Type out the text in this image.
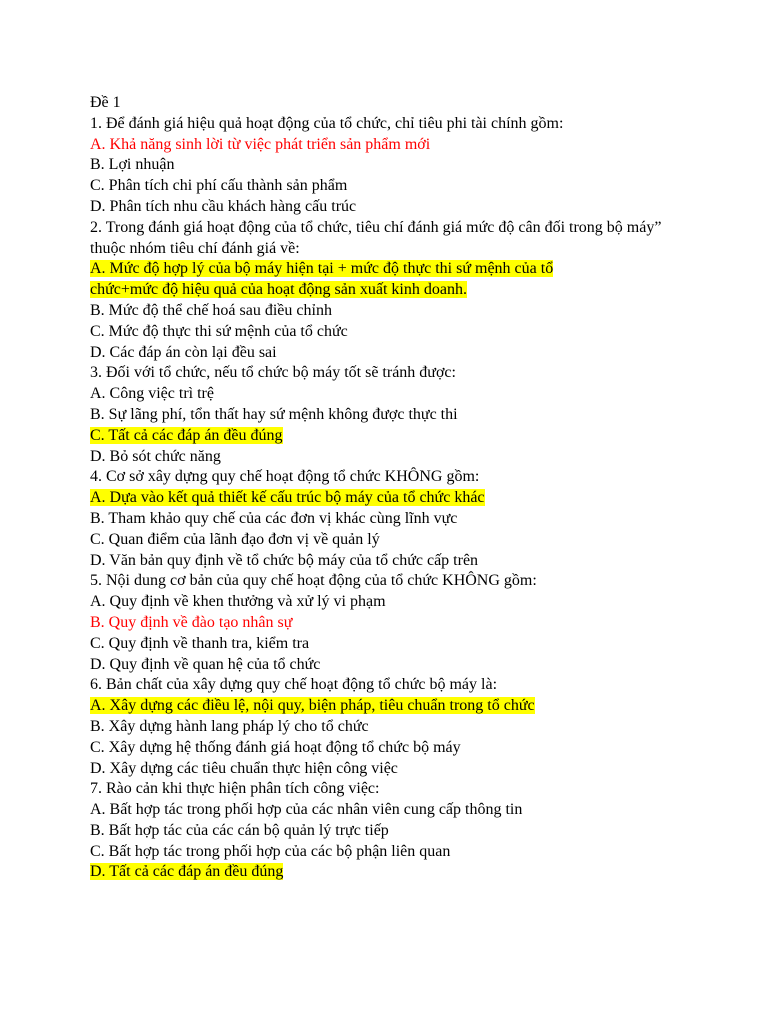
Đề 1
1. Để đánh giá hiệu quả hoạt động của tổ chức, chỉ tiêu phi tài chính gồm:
A. Khả năng sinh lời từ việc phát triển sản phẩm mới
B. Lợi nhuận
C. Phân tích chi phí cấu thành sản phẩm
D. Phân tích nhu cầu khách hàng cấu trúc
2. Trong đánh giá hoạt động của tổ chức, tiêu chí đánh giá mức độ cân đối trong bộ máy”
thuộc nhóm tiêu chí đánh giá về:
A. Mức độ hợp lý của bộ máy hiện tại + mức độ thực thi sứ mệnh của tổ
chức+mức độ hiệu quả của hoạt động sản xuất kinh doanh.
B. Mức độ thể chế hoá sau điều chỉnh
C. Mức độ thực thi sứ mệnh của tổ chức
D. Các đáp án còn lại đều sai
3. Đối với tổ chức, nếu tổ chức bộ máy tốt sẽ tránh được:
A. Công việc trì trệ
B. Sự lãng phí, tổn thất hay sứ mệnh không được thực thi
C. Tất cả các đáp án đều đúng
D. Bỏ sót chức năng
4. Cơ sở xây dựng quy chế hoạt động tổ chức KHÔNG gồm:
A. Dựa vào kết quả thiết kế cấu trúc bộ máy của tổ chức khác
B. Tham khảo quy chế của các đơn vị khác cùng lĩnh vực
C. Quan điểm của lãnh đạo đơn vị về quản lý
D. Văn bản quy định về tổ chức bộ máy của tổ chức cấp trên
5. Nội dung cơ bản của quy chế hoạt động của tổ chức KHÔNG gồm:
A. Quy định về khen thưởng và xử lý vi phạm
B. Quy định về đào tạo nhân sự
C. Quy định về thanh tra, kiểm tra
D. Quy định về quan hệ của tổ chức
6. Bản chất của xây dựng quy chế hoạt động tổ chức bộ máy là:
A. Xây dựng các điều lệ, nội quy, biện pháp, tiêu chuẩn trong tổ chức
B. Xây dựng hành lang pháp lý cho tổ chức
C. Xây dựng hệ thống đánh giá hoạt động tổ chức bộ máy
D. Xây dựng các tiêu chuẩn thực hiện công việc
7. Rào cản khi thực hiện phân tích công việc:
A. Bất hợp tác trong phối hợp của các nhân viên cung cấp thông tin
B. Bất hợp tác của các cán bộ quản lý trực tiếp
C. Bất hợp tác trong phối hợp của các bộ phận liên quan
D. Tất cả các đáp án đều đúng
